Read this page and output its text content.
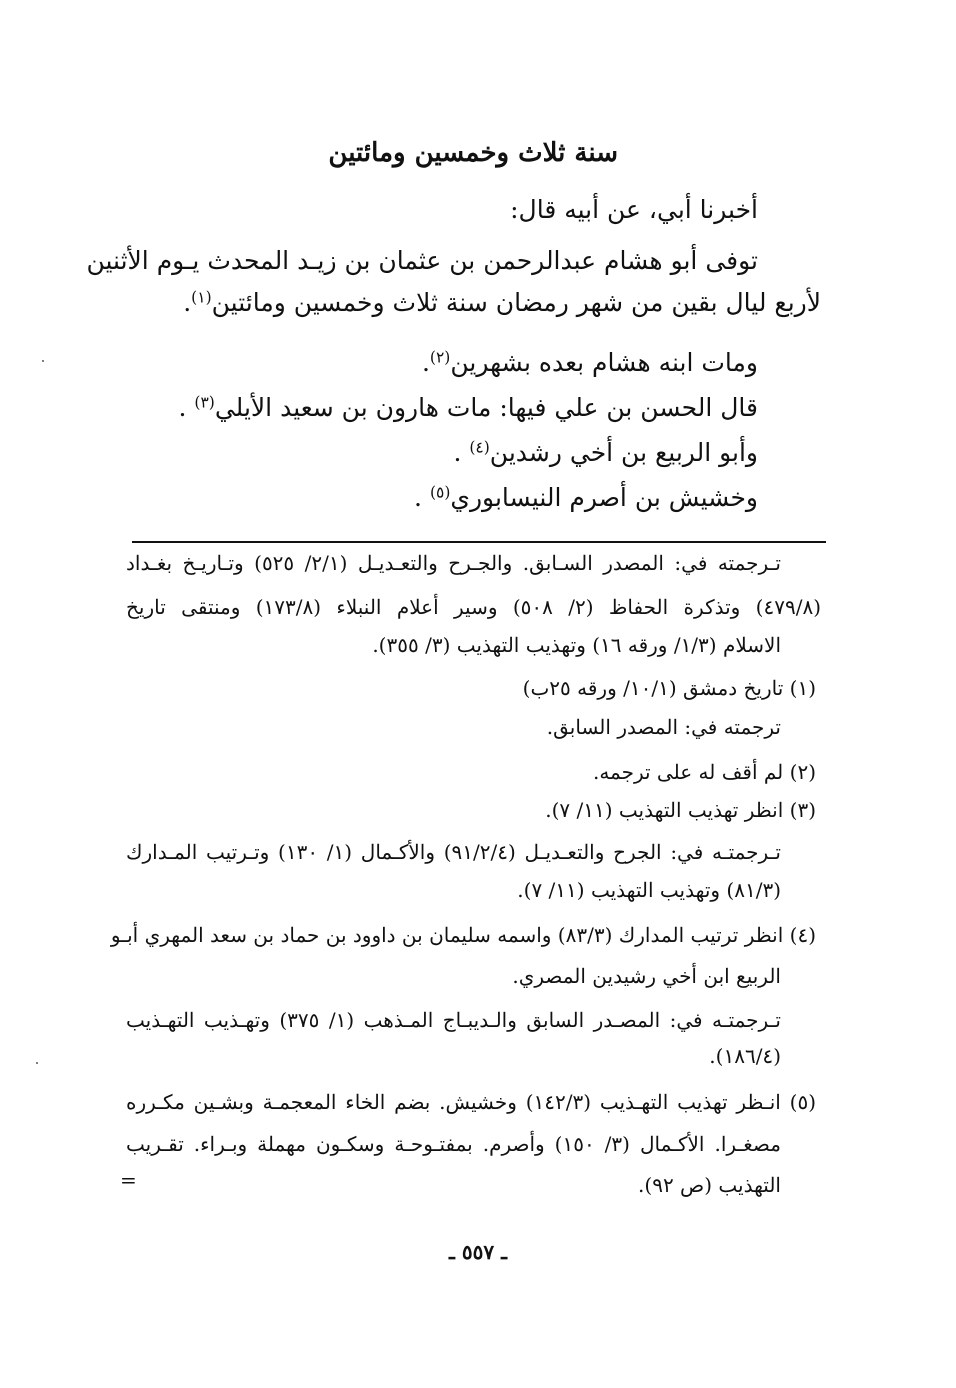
سنة ثلاث وخمسين ومائتين
أخبرنا أبي، عن أبيه قال:
توفى أبو هشام عبدالرحمن بن عثمان بن زيـد المحدث يـوم الأثنين
لأربع ليال بقين من شهر رمضان سنة ثلاث وخمسين ومائتين$^{(١)}$.
ومات ابنه هشام بعده بشهرين$^{(٢)}$.
قال الحسن بن علي فيها: مات هارون بن سعيد الأيلي$^{(٣)}$ .
وأبو الربيع بن أخي رشدين$^{(٤)}$ .
وخشيش بن أصرم النيسابوري$^{(٥)}$ .
تـرجمته في: المصدر السـابق. والجـرح والتعـديـل (٢/١/ ٥٢٥) وتـاريـخ بغـداد
(٤٧٩/٨) وتذكرة الحفاظ (٢/ ٥٠٨) وسير أعلام النبلاء (١٧٣/٨) ومنتقى تاريخ
الاسلام (١/٣/ ورقه ١٦) وتهذيب التهذيب (٣/ ٣٥٥).
(١) تاريخ دمشق (١٠/١/ ورقه ٢٥ب)
ترجمته في: المصدر السابق.
(٢) لم أقف له على ترجمه.
(٣) انظر تهذيب التهذيب (١١/ ٧).
تـرجمتـه في: الجرح والتعـديـل (٩١/٢/٤) والأكـمال (١/ ١٣٠) وتـرتيب المـدارك
(٨١/٣) وتهذيب التهذيب (١١/ ٧).
(٤) انظر ترتيب المدارك (٨٣/٣) واسمه سليمان بن داوود بن حماد بن سعد المهري أبـو
الربيع ابن أخي رشيدين المصري.
تـرجمتـه في: المصـدر السابق والـديبـاج المـذهب (١/ ٣٧٥) وتهـذيب التهـذيب
(١٨٦/٤).
(٥) انـظر تهذيب التهـذيب (١٤٢/٣) وخشيش. بضم الخاء المعجمـة وبشـين مكـرره
مصغـرا. الأكـمال (٣/ ١٥٠) وأصرم. بمفتـوحـة وسكـون مهملة وبـراء. تقـريب
التهذيب (ص ٩٢).
=
ـ ٥٥٧ ـ
